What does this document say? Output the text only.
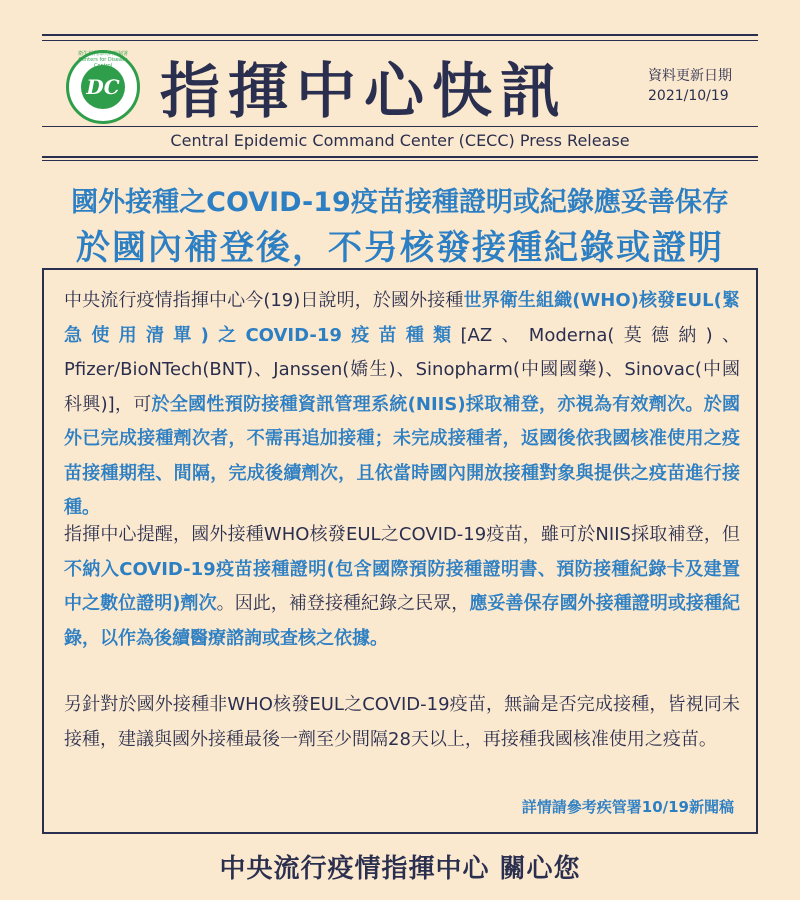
衛生福利部疾病管制署 Centers for Disease
DC 指揮中心快訊	資料更新日期
2021/10/19
Central Epidemic Command Center (CECC) Press Release
國外接種之COVID-19疫苗接種證明或紀錄應妥善保存
於國內補登後，不另核發接種紀錄或證明
中央流行疫情指揮中心今(19)日說明，於國外接種世界衛生組織(WHO)核發EUL(緊急使用清單)之COVID-19疫苗種類[AZ、Moderna(莫德納)、Pfizer/BioNTech(BNT)、Janssen(嬌生)、Sinopharm(中國國藥)、Sinovac(中國科興)]，可於全國性預防接種資訊管理系統(NIIS)採取補登，亦視為有效劑次。於國外已完成接種劑次者，不需再追加接種；未完成接種者，返國後依我國核准使用之疫苗接種期程、間隔，完成後續劑次，且依當時國內開放接種對象與提供之疫苗進行接種。
指揮中心提醒，國外接種WHO核發EUL之COVID-19疫苗，雖可於NIIS採取補登，但不納入COVID-19疫苗接種證明(包含國際預防接種證明書、預防接種紀錄卡及建置中之數位證明)劑次。因此，補登接種紀錄之民眾，應妥善保存國外接種證明或接種紀錄，以作為後續醫療諮詢或查核之依據。
另針對於國外接種非WHO核發EUL之COVID-19疫苗，無論是否完成接種，皆視同未接種，建議與國外接種最後一劑至少間隔28天以上，再接種我國核准使用之疫苗。
詳情請參考疾管署10/19新聞稿
中央流行疫情指揮中心 關心您
